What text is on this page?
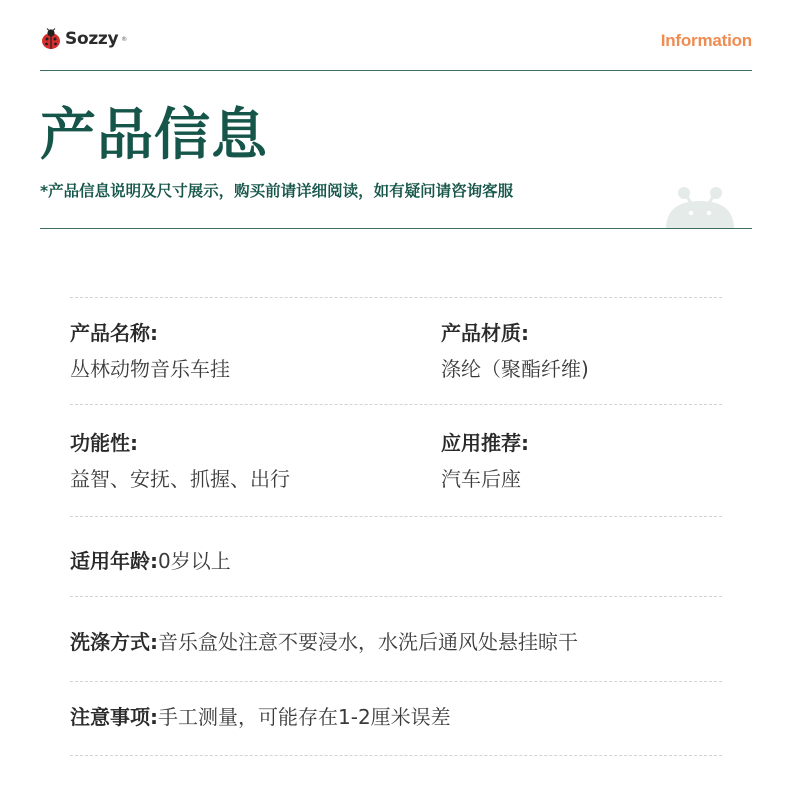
Sozzy ®	Information
产品信息
*产品信息说明及尺寸展示，购买前请详细阅读，如有疑问请咨询客服
产品名称:
丛林动物音乐车挂
产品材质:
涤纶（聚酯纤维)
功能性:
益智、安抚、抓握、出行
应用推荐:
汽车后座
适用年龄:0岁以上
洗涤方式:音乐盒处注意不要浸水，水洗后通风处悬挂晾干
注意事项:手工测量，可能存在1-2厘米误差
